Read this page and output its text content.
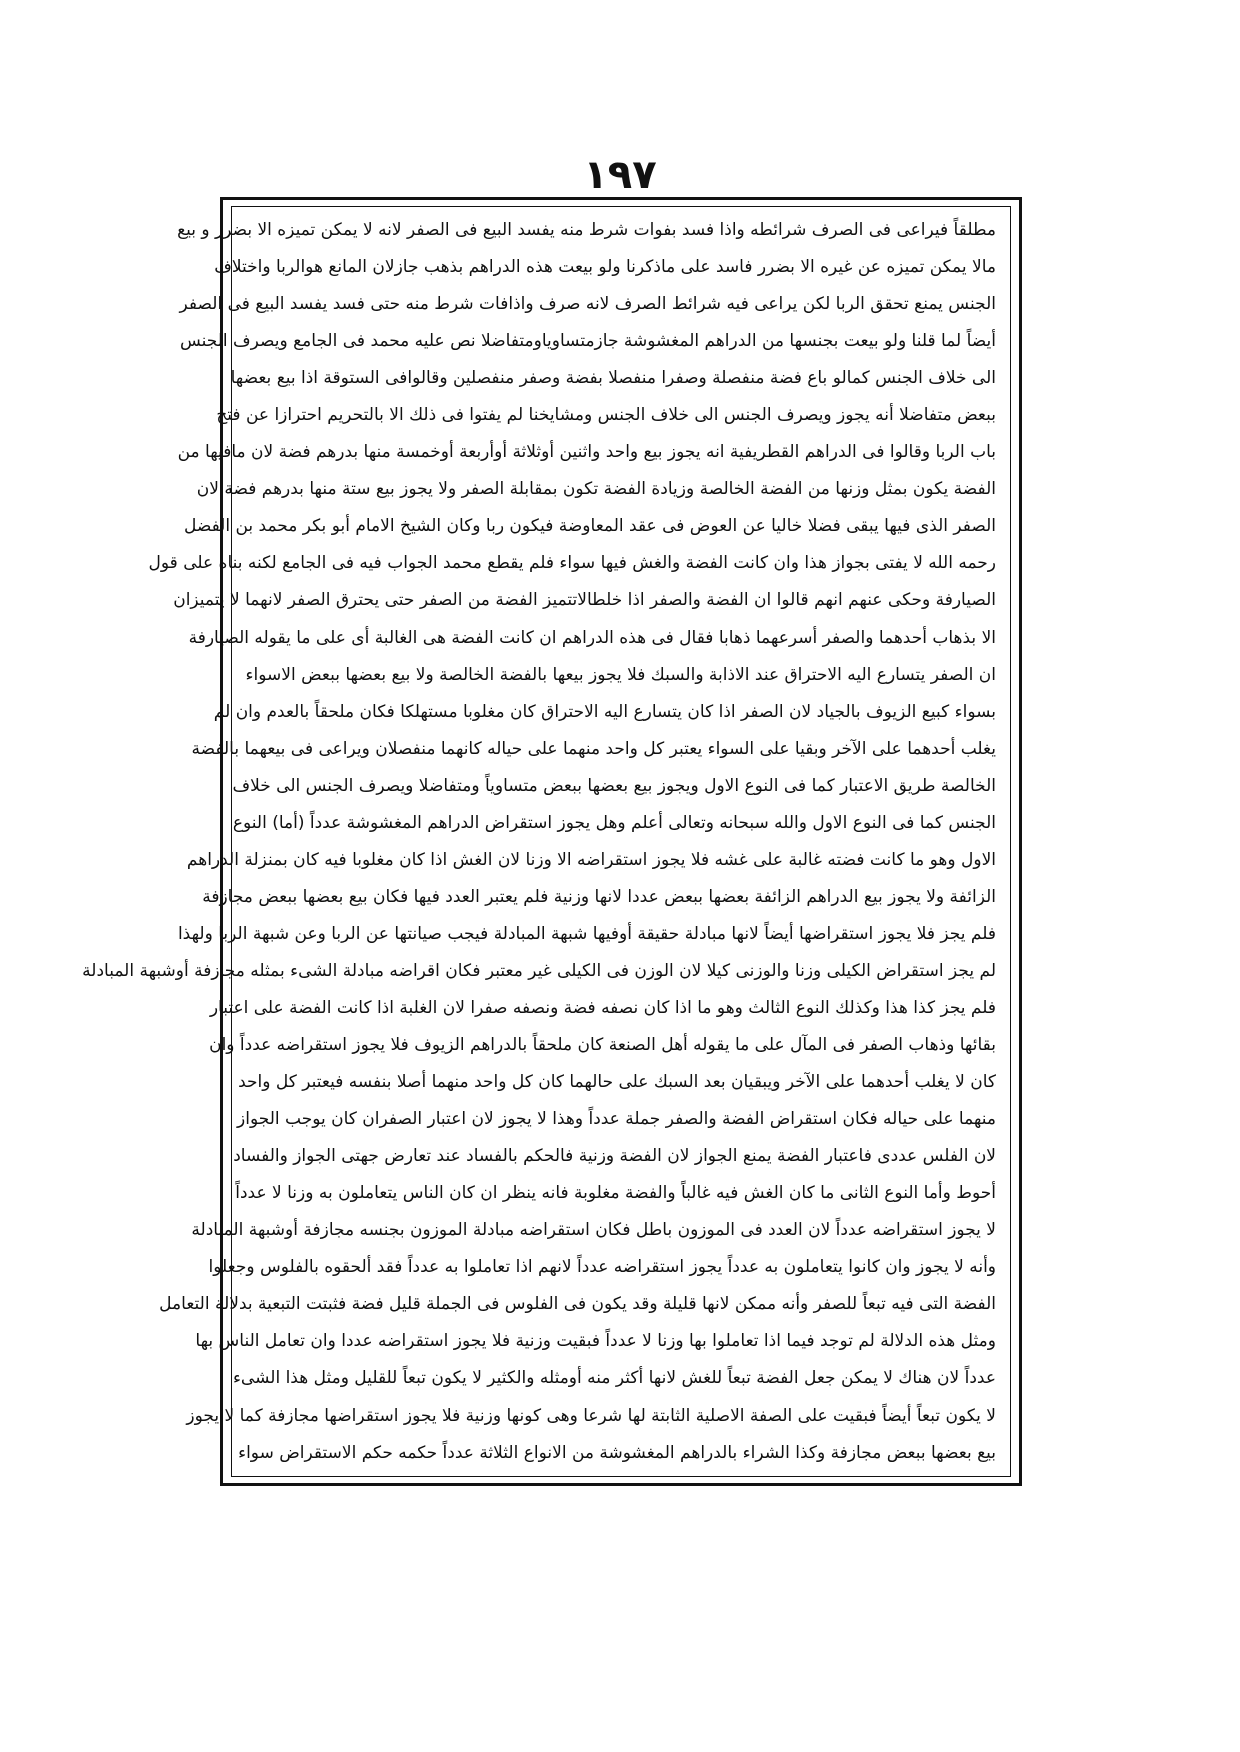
١٩٧
مطلقاً فيراعى فى الصرف شرائطه واذا فسد بفوات شرط منه يفسد البيع فى الصفر لانه لا يمكن تميزه الا بضرر و بيع
مالا يمكن تميزه عن غيره الا بضرر فاسد على ماذكرنا ولو بيعت هذه الدراهم بذهب جازلان المانع هوالربا واختلاف
الجنس يمنع تحقق الربا لكن يراعى فيه شرائط الصرف لانه صرف واذافات شرط منه حتى فسد يفسد البيع فى الصفر
أيضاً لما قلنا ولو بيعت بجنسها من الدراهم المغشوشة جازمتساوياومتفاضلا نص عليه محمد فى الجامع ويصرف الجنس
الى خلاف الجنس كمالو باع فضة منفصلة وصفرا منفصلا بفضة وصفر منفصلين وقالوافى الستوقة اذا بيع بعضها
ببعض متفاضلا أنه يجوز ويصرف الجنس الى خلاف الجنس ومشايخنا لم يفتوا فى ذلك الا بالتحريم احترازا عن فتح
باب الربا وقالوا فى الدراهم القطريفية انه يجوز بيع واحد واثنين أوثلاثة أوأربعة أوخمسة منها بدرهم فضة لان مافيها من
الفضة يكون بمثل وزنها من الفضة الخالصة وزيادة الفضة تكون بمقابلة الصفر ولا يجوز بيع ستة منها بدرهم فضة لان
الصفر الذى فيها يبقى فضلا خاليا عن العوض فى عقد المعاوضة فيكون ربا وكان الشيخ الامام أبو بكر محمد بن الفضل
رحمه الله لا يفتى بجواز هذا وان كانت الفضة والغش فيها سواء فلم يقطع محمد الجواب فيه فى الجامع لكنه بناه على قول
الصيارفة وحكى عنهم انهم قالوا ان الفضة والصفر اذا خلطالاتتميز الفضة من الصفر حتى يحترق الصفر لانهما لا يتميزان
الا بذهاب أحدهما والصفر أسرعهما ذهابا فقال فى هذه الدراهم ان كانت الفضة هى الغالبة أى على ما يقوله الصيارفة
ان الصفر يتسارع اليه الاحتراق عند الاذابة والسبك فلا يجوز بيعها بالفضة الخالصة ولا بيع بعضها ببعض الاسواء
بسواء كبيع الزيوف بالجياد لان الصفر اذا كان يتسارع اليه الاحتراق كان مغلوبا مستهلكا فكان ملحقاً بالعدم وان لم
يغلب أحدهما على الآخر وبقيا على السواء يعتبر كل واحد منهما على حياله كانهما منفصلان ويراعى فى بيعهما بالفضة
الخالصة طريق الاعتبار كما فى النوع الاول ويجوز بيع بعضها ببعض متساوياً ومتفاضلا ويصرف الجنس الى خلاف
الجنس كما فى النوع الاول والله سبحانه وتعالى أعلم وهل يجوز استقراض الدراهم المغشوشة عدداً (أما) النوع
الاول وهو ما كانت فضته غالبة على غشه فلا يجوز استقراضه الا وزنا لان الغش اذا كان مغلوبا فيه كان بمنزلة الدراهم
الزائفة ولا يجوز بيع الدراهم الزائفة بعضها ببعض عددا لانها وزنية فلم يعتبر العدد فيها فكان بيع بعضها ببعض مجازفة
فلم يجز فلا يجوز استقراضها أيضاً لانها مبادلة حقيقة أوفيها شبهة المبادلة فيجب صيانتها عن الربا وعن شبهة الربا ولهذا
لم يجز استقراض الكيلى وزنا والوزنى كيلا لان الوزن فى الكيلى غير معتبر فكان اقراضه مبادلة الشىء بمثله مجازفة أوشبهة المبادلة
فلم يجز كذا هذا وكذلك النوع الثالث وهو ما اذا كان نصفه فضة ونصفه صفرا لان الغلبة اذا كانت الفضة على اعتبار
بقائها وذهاب الصفر فى المآل على ما يقوله أهل الصنعة كان ملحقاً بالدراهم الزيوف فلا يجوز استقراضه عدداً وان
كان لا يغلب أحدهما على الآخر ويبقيان بعد السبك على حالهما كان كل واحد منهما أصلا بنفسه فيعتبر كل واحد
منهما على حياله فكان استقراض الفضة والصفر جملة عدداً وهذا لا يجوز لان اعتبار الصفران كان يوجب الجواز
لان الفلس عددى فاعتبار الفضة يمنع الجواز لان الفضة وزنية فالحكم بالفساد عند تعارض جهتى الجواز والفساد
أحوط وأما النوع الثانى ما كان الغش فيه غالباً والفضة مغلوبة فانه ينظر ان كان الناس يتعاملون به وزنا لا عدداً
لا يجوز استقراضه عدداً لان العدد فى الموزون باطل فكان استقراضه مبادلة الموزون بجنسه مجازفة أوشبهة المبادلة
وأنه لا يجوز وان كانوا يتعاملون به عدداً يجوز استقراضه عدداً لانهم اذا تعاملوا به عدداً فقد ألحقوه بالفلوس وجعلوا
الفضة التى فيه تبعاً للصفر وأنه ممكن لانها قليلة وقد يكون فى الفلوس فى الجملة قليل فضة فثبتت التبعية بدلالة التعامل
ومثل هذه الدلالة لم توجد فيما اذا تعاملوا بها وزنا لا عدداً فبقيت وزنية فلا يجوز استقراضه عددا وان تعامل الناس بها
عدداً لان هناك لا يمكن جعل الفضة تبعاً للغش لانها أكثر منه أومثله والكثير لا يكون تبعاً للقليل ومثل هذا الشىء
لا يكون تبعاً أيضاً فبقيت على الصفة الاصلية الثابتة لها شرعا وهى كونها وزنية فلا يجوز استقراضها مجازفة كما لا يجوز
بيع بعضها ببعض مجازفة وكذا الشراء بالدراهم المغشوشة من الانواع الثلاثة عدداً حكمه حكم الاستقراض سواء
